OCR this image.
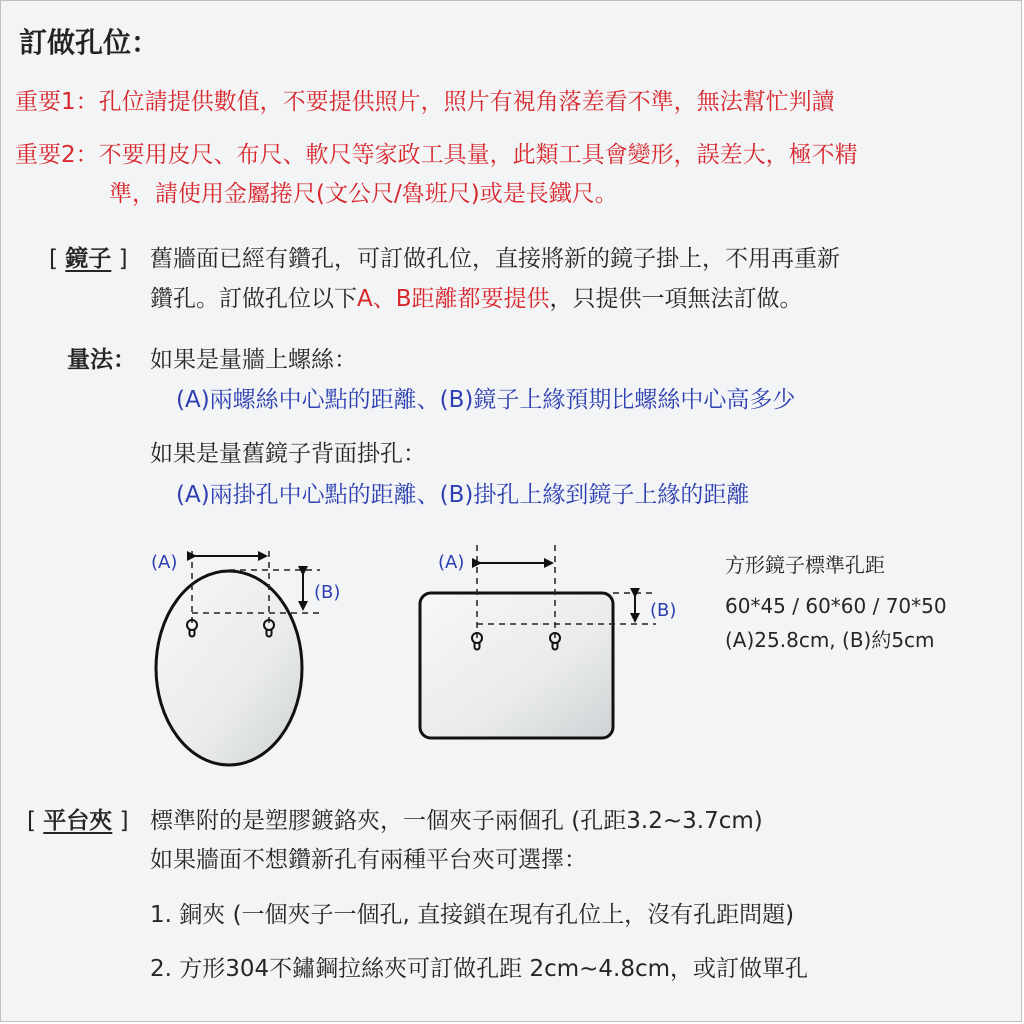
訂做孔位：
重要1：孔位請提供數值，不要提供照片，照片有視角落差看不準，無法幫忙判讀
重要2：不要用皮尺、布尺、軟尺等家政工具量，此類工具會變形，誤差大，極不精
準，請使用金屬捲尺(文公尺/魯班尺)或是長鐵尺。
[ 鏡子 ] 舊牆面已經有鑽孔，可訂做孔位，直接將新的鏡子掛上，不用再重新
鑽孔。訂做孔位以下A、B距離都要提供，只提供一項無法訂做。
量法： 如果是量牆上螺絲：
(A)兩螺絲中心點的距離、(B)鏡子上緣預期比螺絲中心高多少
如果是量舊鏡子背面掛孔：
(A)兩掛孔中心點的距離、(B)掛孔上緣到鏡子上緣的距離
(A)
(B)
(A)
(B)
方形鏡子標準孔距
60*45 / 60*60 / 70*50
(A)25.8cm, (B)約5cm
[ 平台夾 ] 標準附的是塑膠鍍鉻夾，一個夾子兩個孔 (孔距3.2~3.7cm)
如果牆面不想鑽新孔有兩種平台夾可選擇：
1. 銅夾 (一個夾子一個孔, 直接鎖在現有孔位上，沒有孔距問題)
2. 方形304不鏽鋼拉絲夾可訂做孔距 2cm~4.8cm，或訂做單孔
